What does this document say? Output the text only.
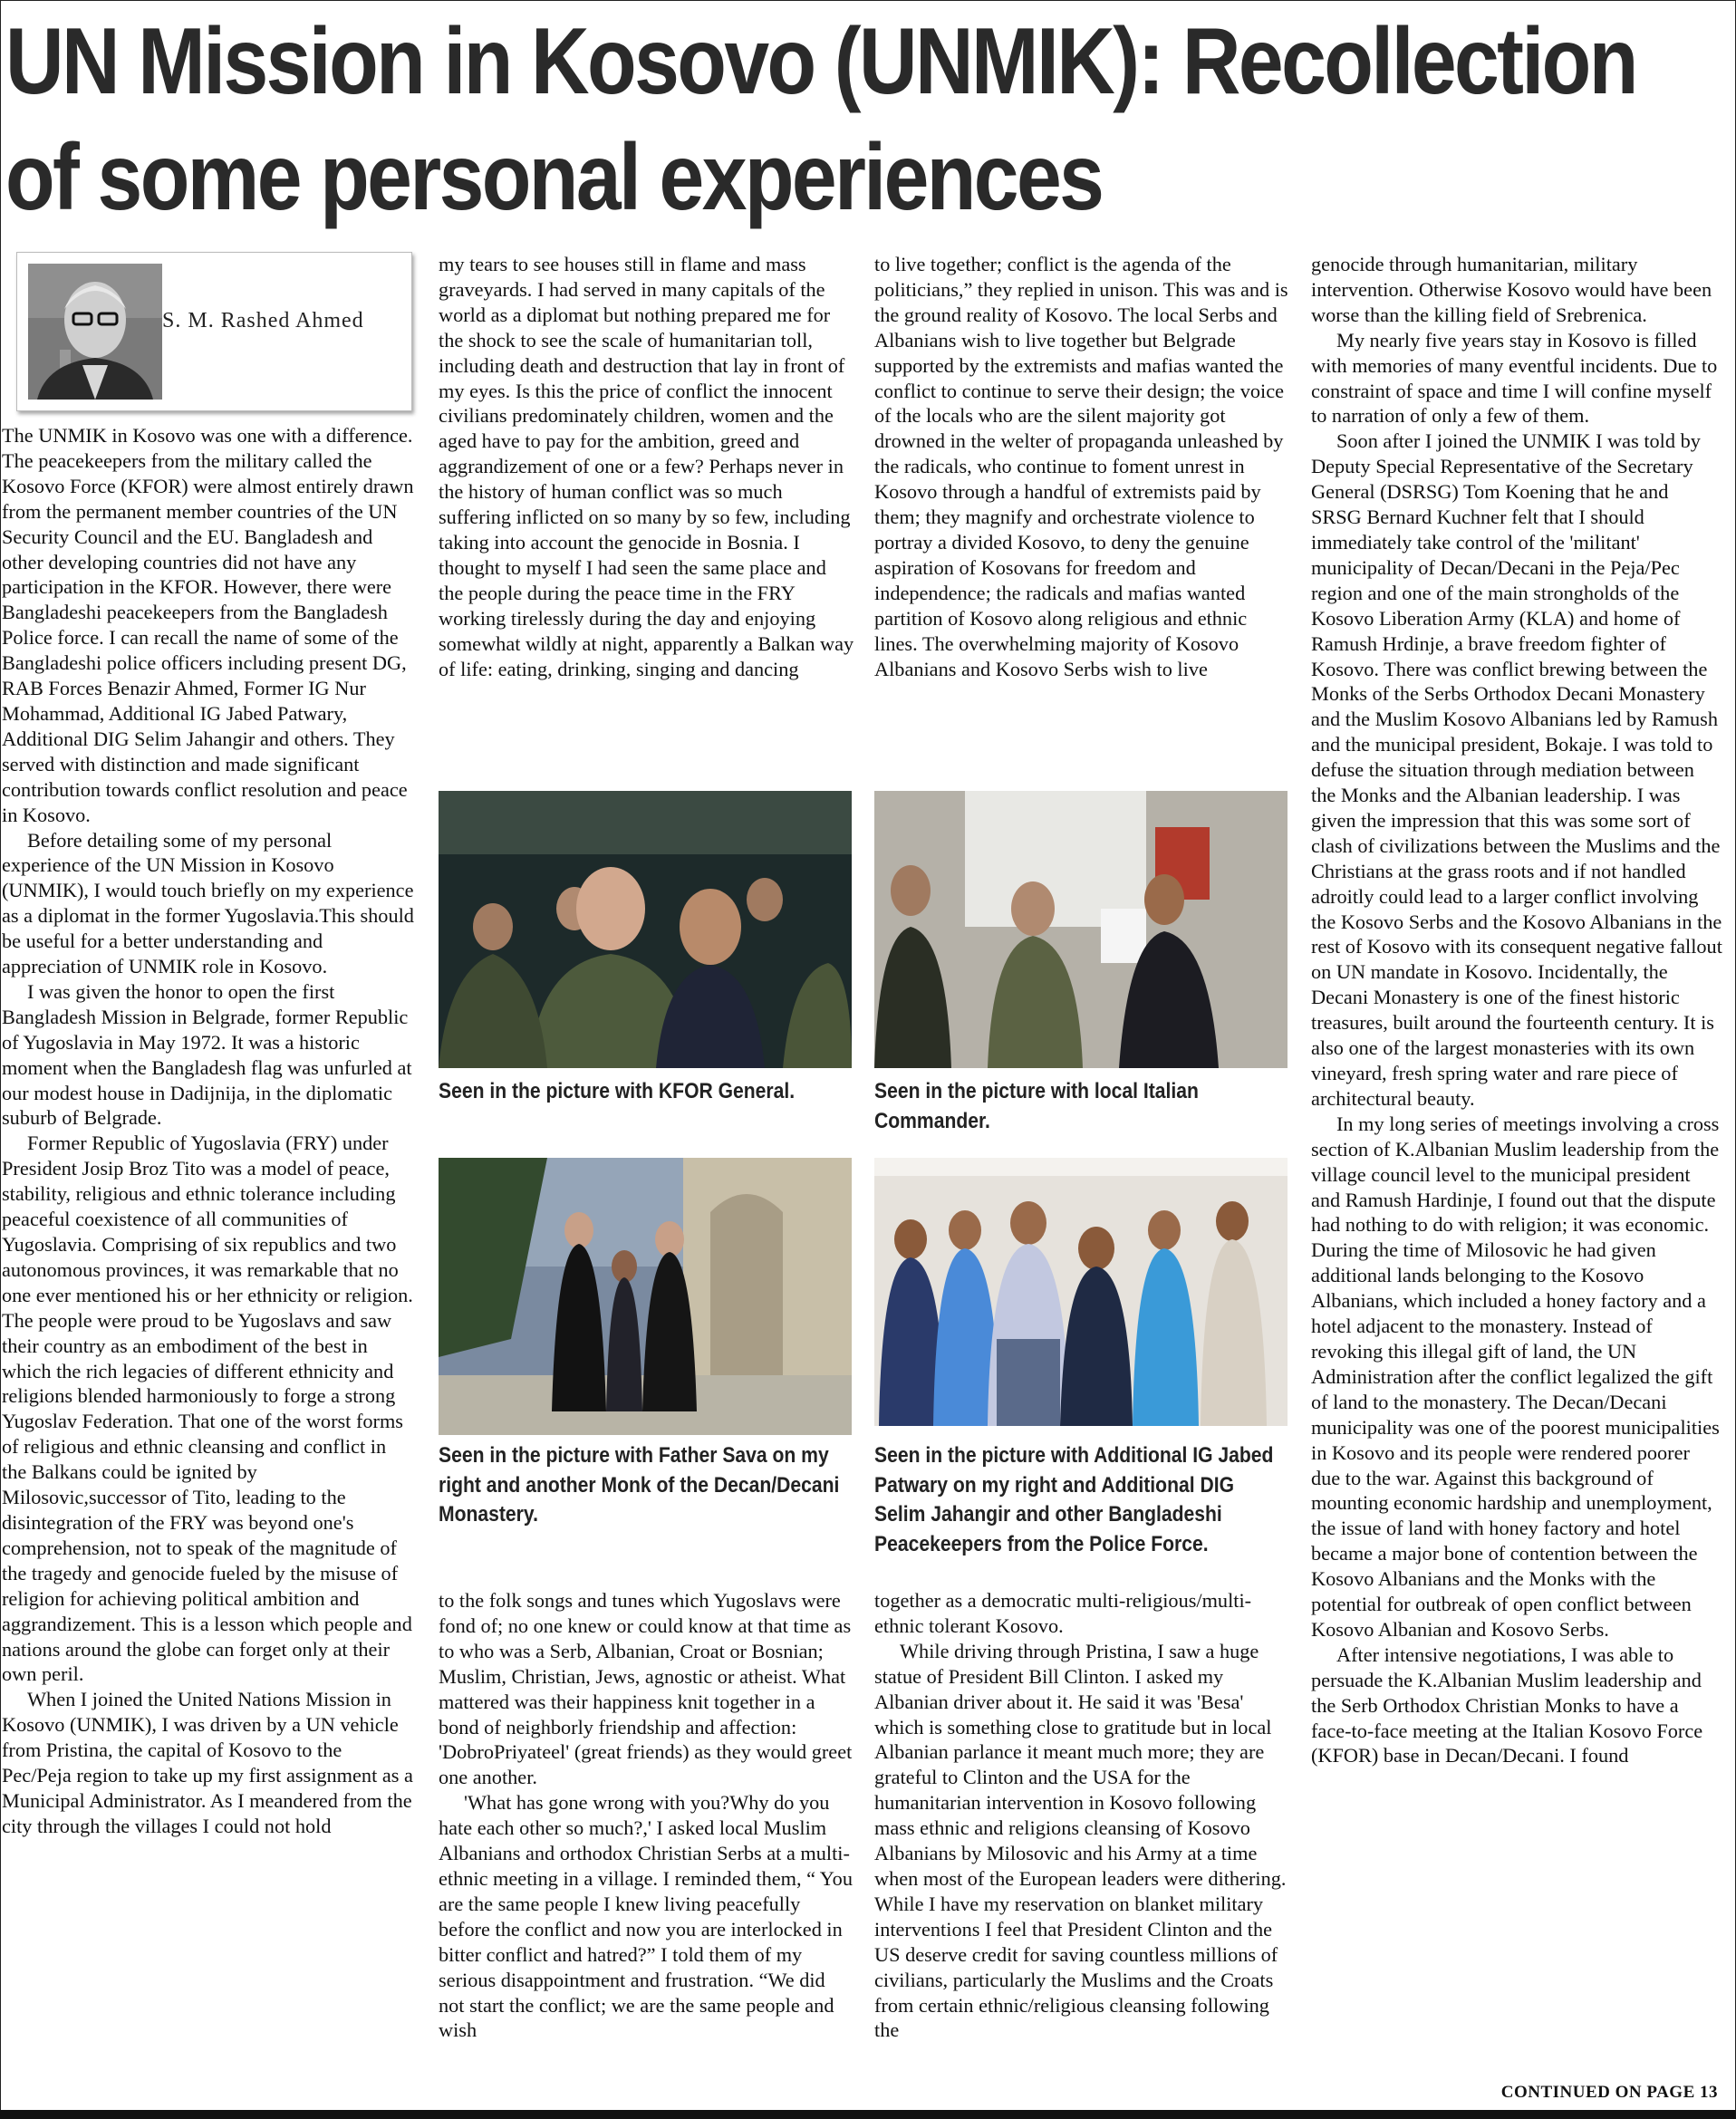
UN Mission in Kosovo (UNMIK): Recollection
of some personal experiences
S. M. Rashed Ahmed

The UNMIK in Kosovo was one with a difference. The peacekeepers from the military called the Kosovo Force (KFOR) were almost entirely drawn from the permanent member countries of the UN Security Council and the EU. Bangladesh and other developing countries did not have any participation in the KFOR. However, there were Bangladeshi peacekeepers from the Bangladesh Police force. I can recall the name of some of the Bangladeshi police officers including present DG, RAB Forces Benazir Ahmed, Former IG Nur Mohammad, Additional IG Jabed Patwary, Additional DIG Selim Jahangir and others. They served with distinction and made significant contribution towards conflict resolution and peace in Kosovo.

Before detailing some of my personal experience of the UN Mission in Kosovo (UNMIK), I would touch briefly on my experience as a diplomat in the former Yugoslavia.This should be useful for a better understanding and appreciation of UNMIK role in Kosovo.

I was given the honor to open the first Bangladesh Mission in Belgrade, former Republic of Yugoslavia in May 1972. It was a historic moment when the Bangladesh flag was unfurled at our modest house in Dadijnija, in the diplomatic suburb of Belgrade.

Former Republic of Yugoslavia (FRY) under President Josip Broz Tito was a model of peace, stability, religious and ethnic tolerance including peaceful coexistence of all communities of Yugoslavia. Comprising of six republics and two autonomous provinces, it was remarkable that no one ever mentioned his or her ethnicity or religion. The people were proud to be Yugoslavs and saw their country as an embodiment of the best in which the rich legacies of different ethnicity and religions blended harmoniously to forge a strong Yugoslav Federation. That one of the worst forms of religious and ethnic cleansing and conflict in the Balkans could be ignited by Milosovic,successor of Tito, leading to the disintegration of the FRY was beyond one's comprehension, not to speak of the magnitude of the tragedy and genocide fueled by the misuse of religion for achieving political ambition and aggrandizement. This is a lesson which people and nations around the globe can forget only at their own peril.

When I joined the United Nations Mission in Kosovo (UNMIK), I was driven by a UN vehicle from Pristina, the capital of Kosovo to the Pec/Peja region to take up my first assignment as a Municipal Administrator. As I meandered from the city through the villages I could not hold

my tears to see houses still in flame and mass graveyards. I had served in many capitals of the world as a diplomat but nothing prepared me for the shock to see the scale of humanitarian toll, including death and destruction that lay in front of my eyes. Is this the price of conflict the innocent civilians predominately children, women and the aged have to pay for the ambition, greed and aggrandizement of one or a few? Perhaps never in the history of human conflict was so much suffering inflicted on so many by so few, including taking into account the genocide in Bosnia. I thought to myself I had seen the same place and the people during the peace time in the FRY working tirelessly during the day and enjoying somewhat wildly at night, apparently a Balkan way of life: eating, drinking, singing and dancing

to live together; conflict is the agenda of the politicians,” they replied in unison. This was and is the ground reality of Kosovo. The local Serbs and Albanians wish to live together but Belgrade supported by the extremists and mafias wanted the conflict to continue to serve their design; the voice of the locals who are the silent majority got drowned in the welter of propaganda unleashed by the radicals, who continue to foment unrest in Kosovo through a handful of extremists paid by them; they magnify and orchestrate violence to portray a divided Kosovo, to deny the genuine aspiration of Kosovans for freedom and independence; the radicals and mafias wanted partition of Kosovo along religious and ethnic lines. The overwhelming majority of Kosovo Albanians and Kosovo Serbs wish to live

genocide through humanitarian, military intervention. Otherwise Kosovo would have been worse than the killing field of Srebrenica.

My nearly five years stay in Kosovo is filled with memories of many eventful incidents. Due to constraint of space and time I will confine myself to narration of only a few of them.

Soon after I joined the UNMIK I was told by Deputy Special Representative of the Secretary General (DSRSG) Tom Koening that he and SRSG Bernard Kuchner felt that I should immediately take control of the 'militant' municipality of Decan/Decani in the Peja/Pec region and one of the main strongholds of the Kosovo Liberation Army (KLA) and home of Ramush Hrdinje, a brave freedom fighter of Kosovo. There was conflict brewing between the Monks of the Serbs Orthodox Decani Monastery and the Muslim Kosovo Albanians led by Ramush and the municipal president, Bokaje. I was told to defuse the situation through mediation between the Monks and the Albanian leadership. I was given the impression that this was some sort of clash of civilizations between the Muslims and the Christians at the grass roots and if not handled adroitly could lead to a larger conflict involving the Kosovo Serbs and the Kosovo Albanians in the rest of Kosovo with its consequent negative fallout on UN mandate in Kosovo. Incidentally, the Decani Monastery is one of the finest historic treasures, built around the fourteenth century. It is also one of the largest monasteries with its own vineyard, fresh spring water and rare piece of architectural beauty.

In my long series of meetings involving a cross section of K.Albanian Muslim leadership from the village council level to the municipal president and Ramush Hardinje, I found out that the dispute had nothing to do with religion; it was economic. During the time of Milosovic he had given additional lands belonging to the Kosovo Albanians, which included a honey factory and a hotel adjacent to the monastery. Instead of revoking this illegal gift of land, the UN Administration after the conflict legalized the gift of land to the monastery. The Decan/Decani municipality was one of the poorest municipalities in Kosovo and its people were rendered poorer due to the war. Against this background of mounting economic hardship and unemployment, the issue of land with honey factory and hotel became a major bone of contention between the Kosovo Albanians and the Monks with the potential for outbreak of open conflict between Kosovo Albanian and Kosovo Serbs.

After intensive negotiations, I was able to persuade the K.Albanian Muslim leadership and the Serb Orthodox Christian Monks to have a face-to-face meeting at the Italian Kosovo Force (KFOR) base in Decan/Decani. I found

Seen in the picture with KFOR General.	Seen in the picture with local Italian Commander.
Seen in the picture with Father Sava on my right and another Monk of the Decan/Decani Monastery.
Seen in the picture with Additional IG Jabed Patwary on my right and Additional DIG Selim Jahangir and other Bangladeshi Peacekeepers from the Police Force.

to the folk songs and tunes which Yugoslavs were fond of; no one knew or could know at that time as to who was a Serb, Albanian, Croat or Bosnian; Muslim, Christian, Jews, agnostic or atheist. What mattered was their happiness knit together in a bond of neighborly friendship and affection: 'DobroPriyateel' (great friends) as they would greet one another.

'What has gone wrong with you?Why do you hate each other so much?,' I asked local Muslim Albanians and orthodox Christian Serbs at a multi-ethnic meeting in a village. I reminded them, “ You are the same people I knew living peacefully before the conflict and now you are interlocked in bitter conflict and hatred?” I told them of my serious disappointment and frustration. “We did not start the conflict; we are the same people and wish

together as a democratic multi-religious/multi-ethnic tolerant Kosovo.

While driving through Pristina, I saw a huge statue of President Bill Clinton. I asked my Albanian driver about it. He said it was 'Besa' which is something close to gratitude but in local Albanian parlance it meant much more; they are grateful to Clinton and the USA for the humanitarian intervention in Kosovo following mass ethnic and religions cleansing of Kosovo Albanians by Milosovic and his Army at a time when most of the European leaders were dithering. While I have my reservation on blanket military interventions I feel that President Clinton and the US deserve credit for saving countless millions of civilians, particularly the Muslims and the Croats from certain ethnic/religious cleansing following the

CONTINUED ON PAGE 13
